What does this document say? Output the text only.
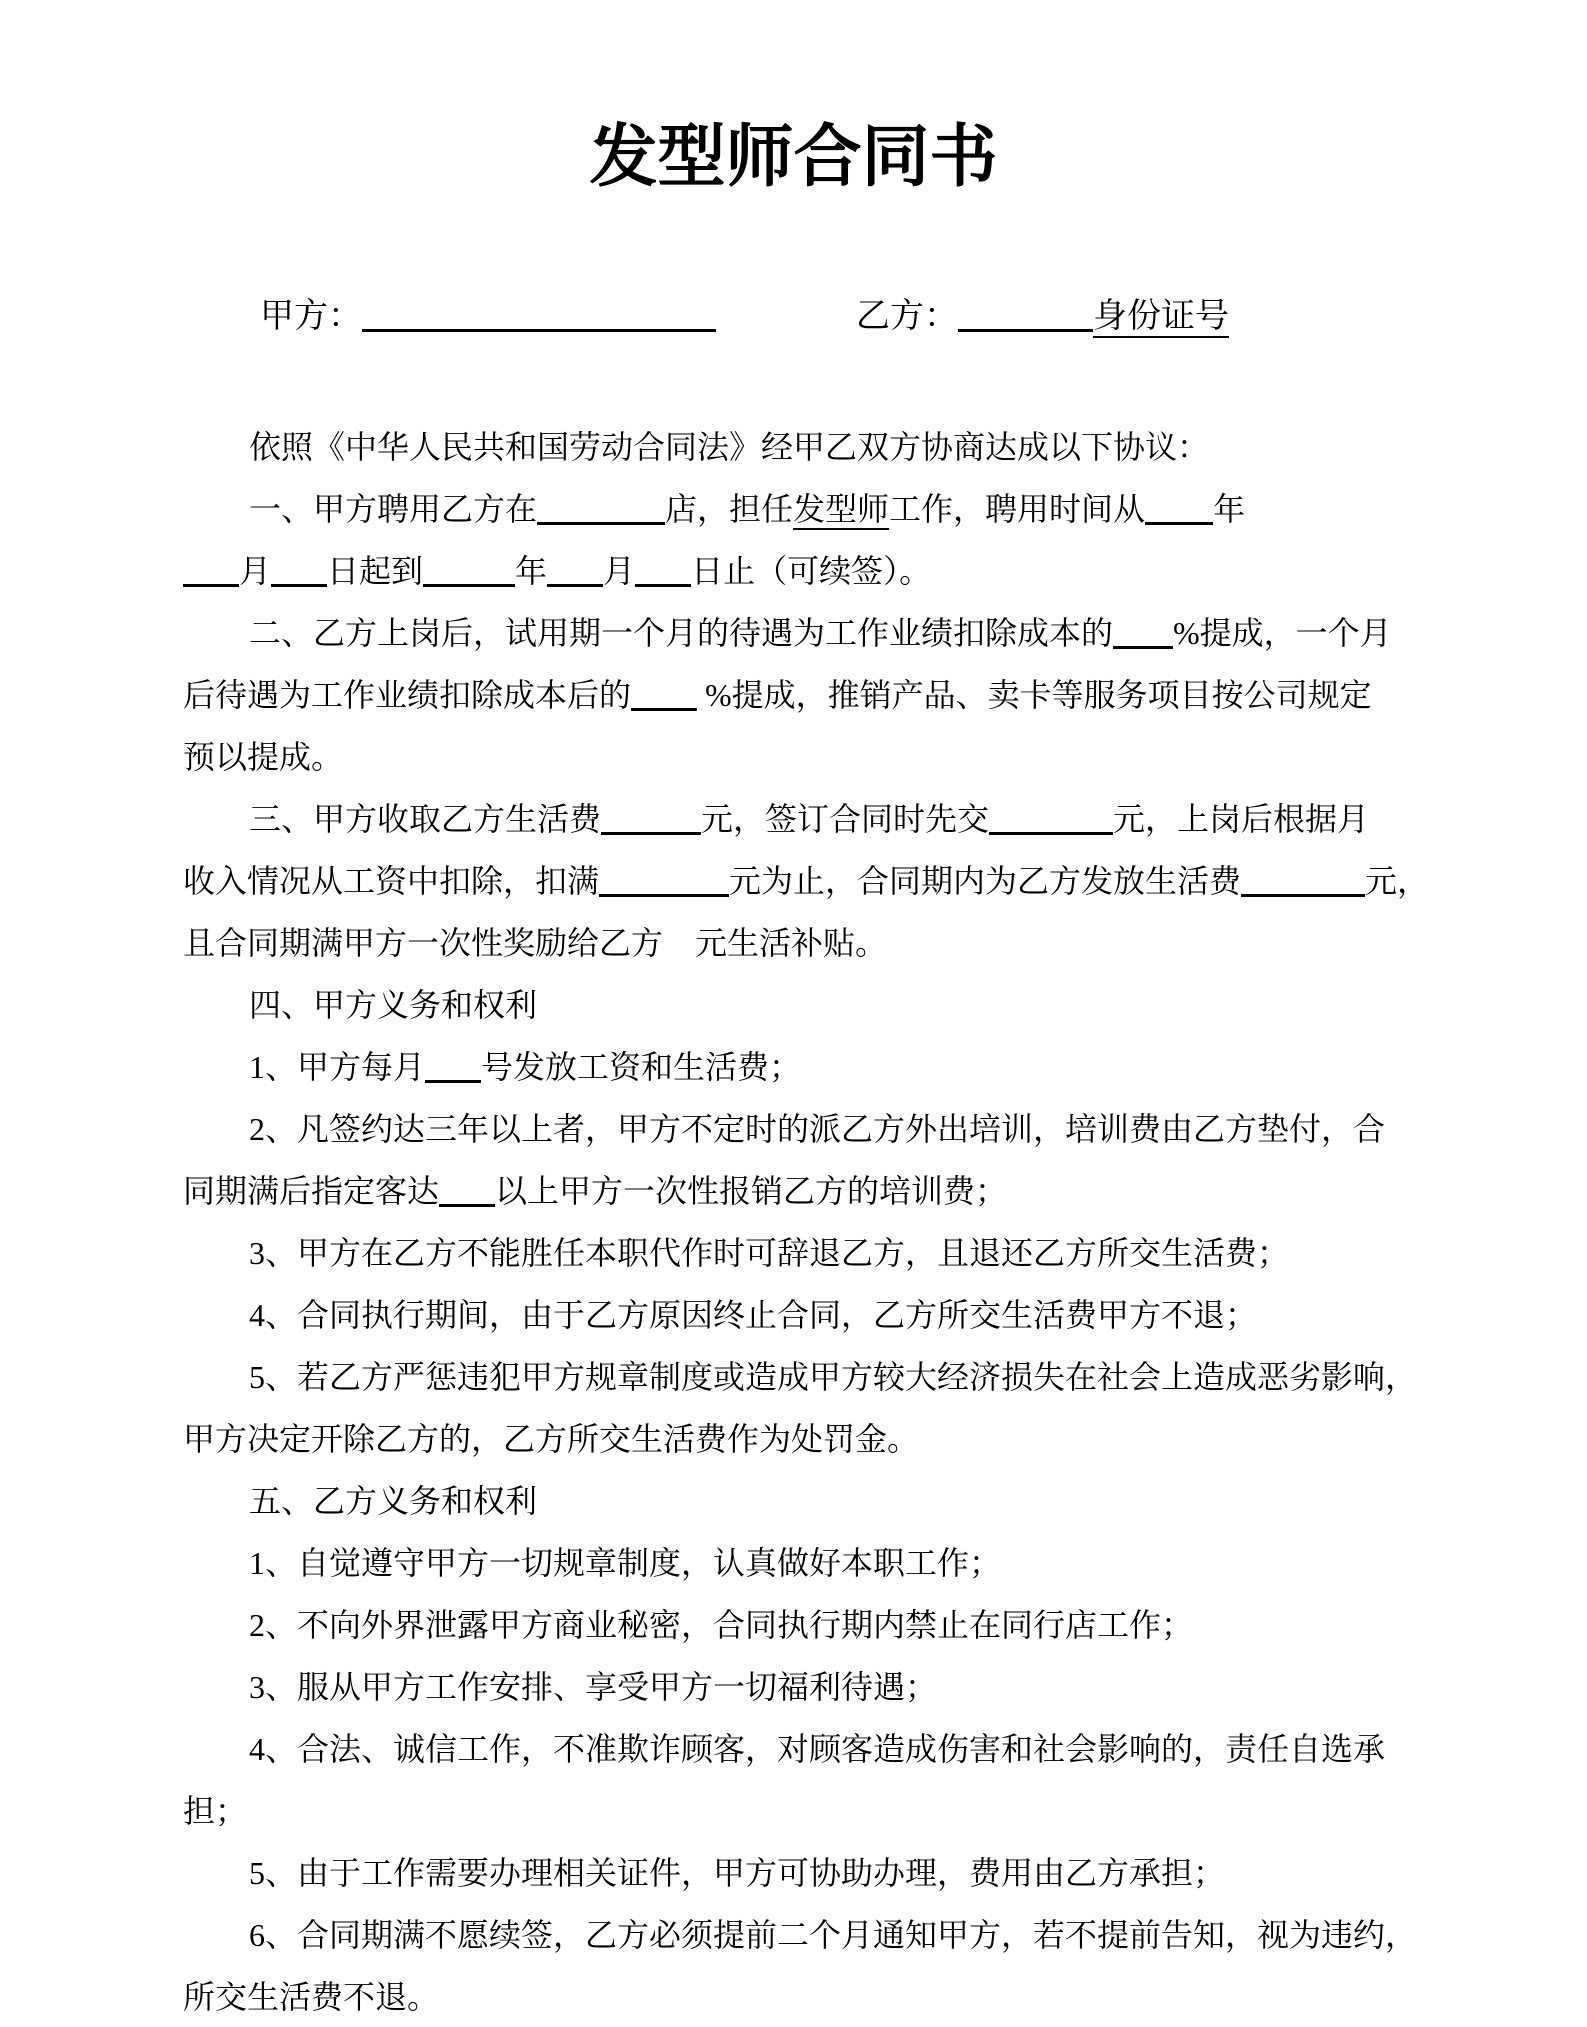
发型师合同书
甲方：	乙方：	身份证号

依照《中华人民共和国劳动合同法》经甲乙双方协商达成以下协议：

一、甲方聘用乙方在	店，担任发型师工作，聘用时间从 年
月 日起到	年 月 日止（可续签）。

二、乙方上岗后，试用期一个月的待遇为工作业绩扣除成本的 %提成，一个月
后待遇为工作业绩扣除成本后的 %提成，推销产品、卖卡等服务项目按公司规定
预以提成。

三、甲方收取乙方生活费	元，签订合同时先交	元，上岗后根据月
收入情况从工资中扣除，扣满	元为止，合同期内为乙方发放生活费	元，
且合同期满甲方一次性奖励给乙方　元生活补贴。

四、甲方义务和权利

1、甲方每月 号发放工资和生活费；

2、凡签约达三年以上者，甲方不定时的派乙方外出培训，培训费由乙方垫付，合
同期满后指定客达 以上甲方一次性报销乙方的培训费；

3、甲方在乙方不能胜任本职代作时可辞退乙方，且退还乙方所交生活费；

4、合同执行期间，由于乙方原因终止合同，乙方所交生活费甲方不退；

5、若乙方严惩违犯甲方规章制度或造成甲方较大经济损失在社会上造成恶劣影响，
甲方决定开除乙方的，乙方所交生活费作为处罚金。

五、乙方义务和权利

1、自觉遵守甲方一切规章制度，认真做好本职工作；

2、不向外界泄露甲方商业秘密，合同执行期内禁止在同行店工作；

3、服从甲方工作安排、享受甲方一切福利待遇；

4、合法、诚信工作，不准欺诈顾客，对顾客造成伤害和社会影响的，责任自选承
担；

5、由于工作需要办理相关证件，甲方可协助办理，费用由乙方承担；

6、合同期满不愿续签，乙方必须提前二个月通知甲方，若不提前告知，视为违约，
所交生活费不退。
